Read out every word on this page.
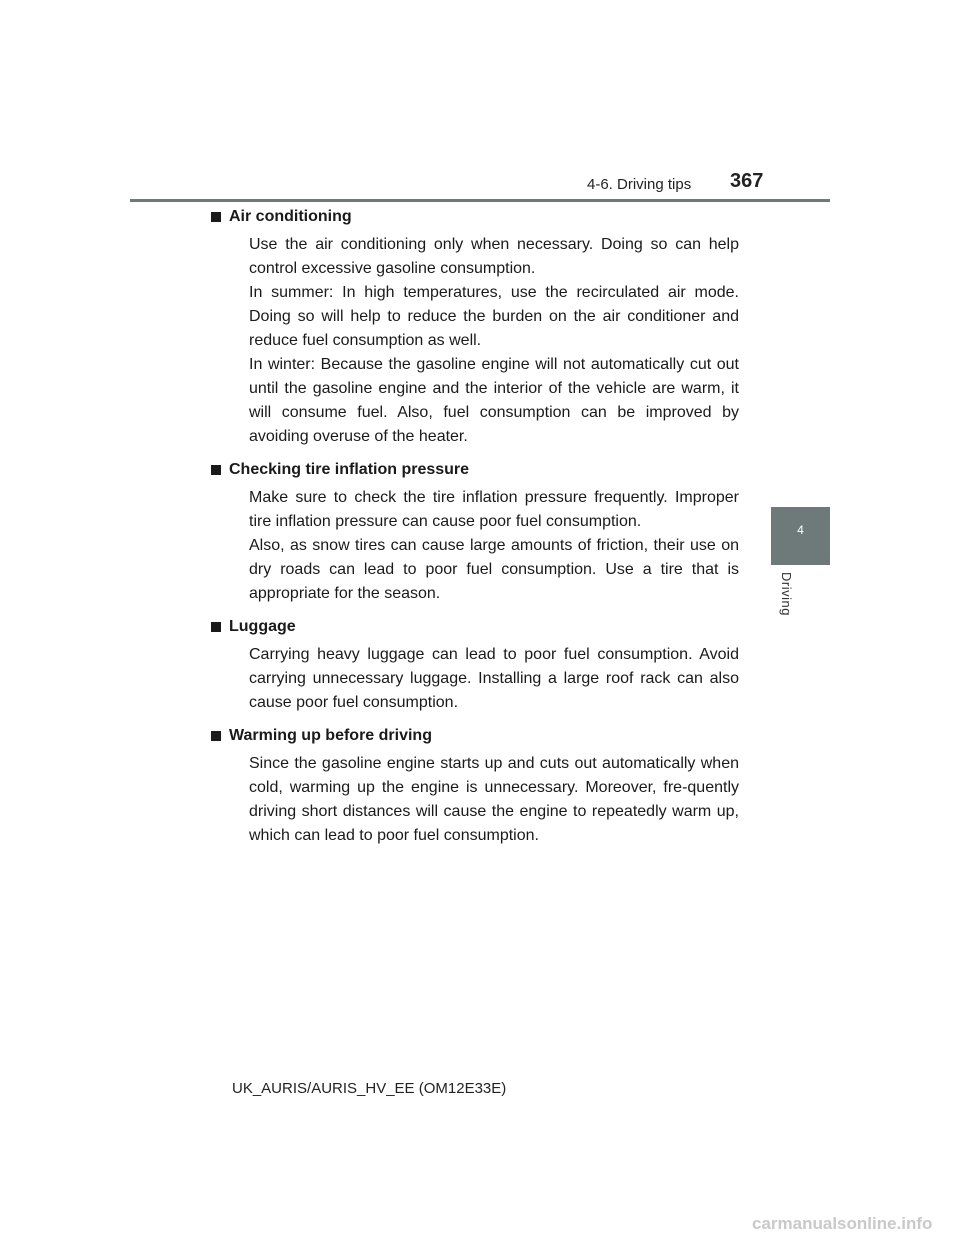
4-6. Driving tips 367
4
Driving
Air conditioning

Use the air conditioning only when necessary. Doing so can help control excessive gasoline consumption.

In summer: In high temperatures, use the recirculated air mode. Doing so will help to reduce the burden on the air conditioner and reduce fuel consumption as well.

In winter: Because the gasoline engine will not automatically cut out until the gasoline engine and the interior of the vehicle are warm, it will consume fuel. Also, fuel consumption can be improved by avoiding overuse of the heater.

Checking tire inflation pressure

Make sure to check the tire inflation pressure frequently. Improper tire inflation pressure can cause poor fuel consumption.

Also, as snow tires can cause large amounts of friction, their use on dry roads can lead to poor fuel consumption. Use a tire that is appropriate for the season.

Luggage

Carrying heavy luggage can lead to poor fuel consumption. Avoid carrying unnecessary luggage. Installing a large roof rack can also cause poor fuel consumption.

Warming up before driving

Since the gasoline engine starts up and cuts out automatically when cold, warming up the engine is unnecessary. Moreover, fre-quently driving short distances will cause the engine to repeatedly warm up, which can lead to poor fuel consumption.

UK_AURIS/AURIS_HV_EE (OM12E33E)
carmanualsonline.info
